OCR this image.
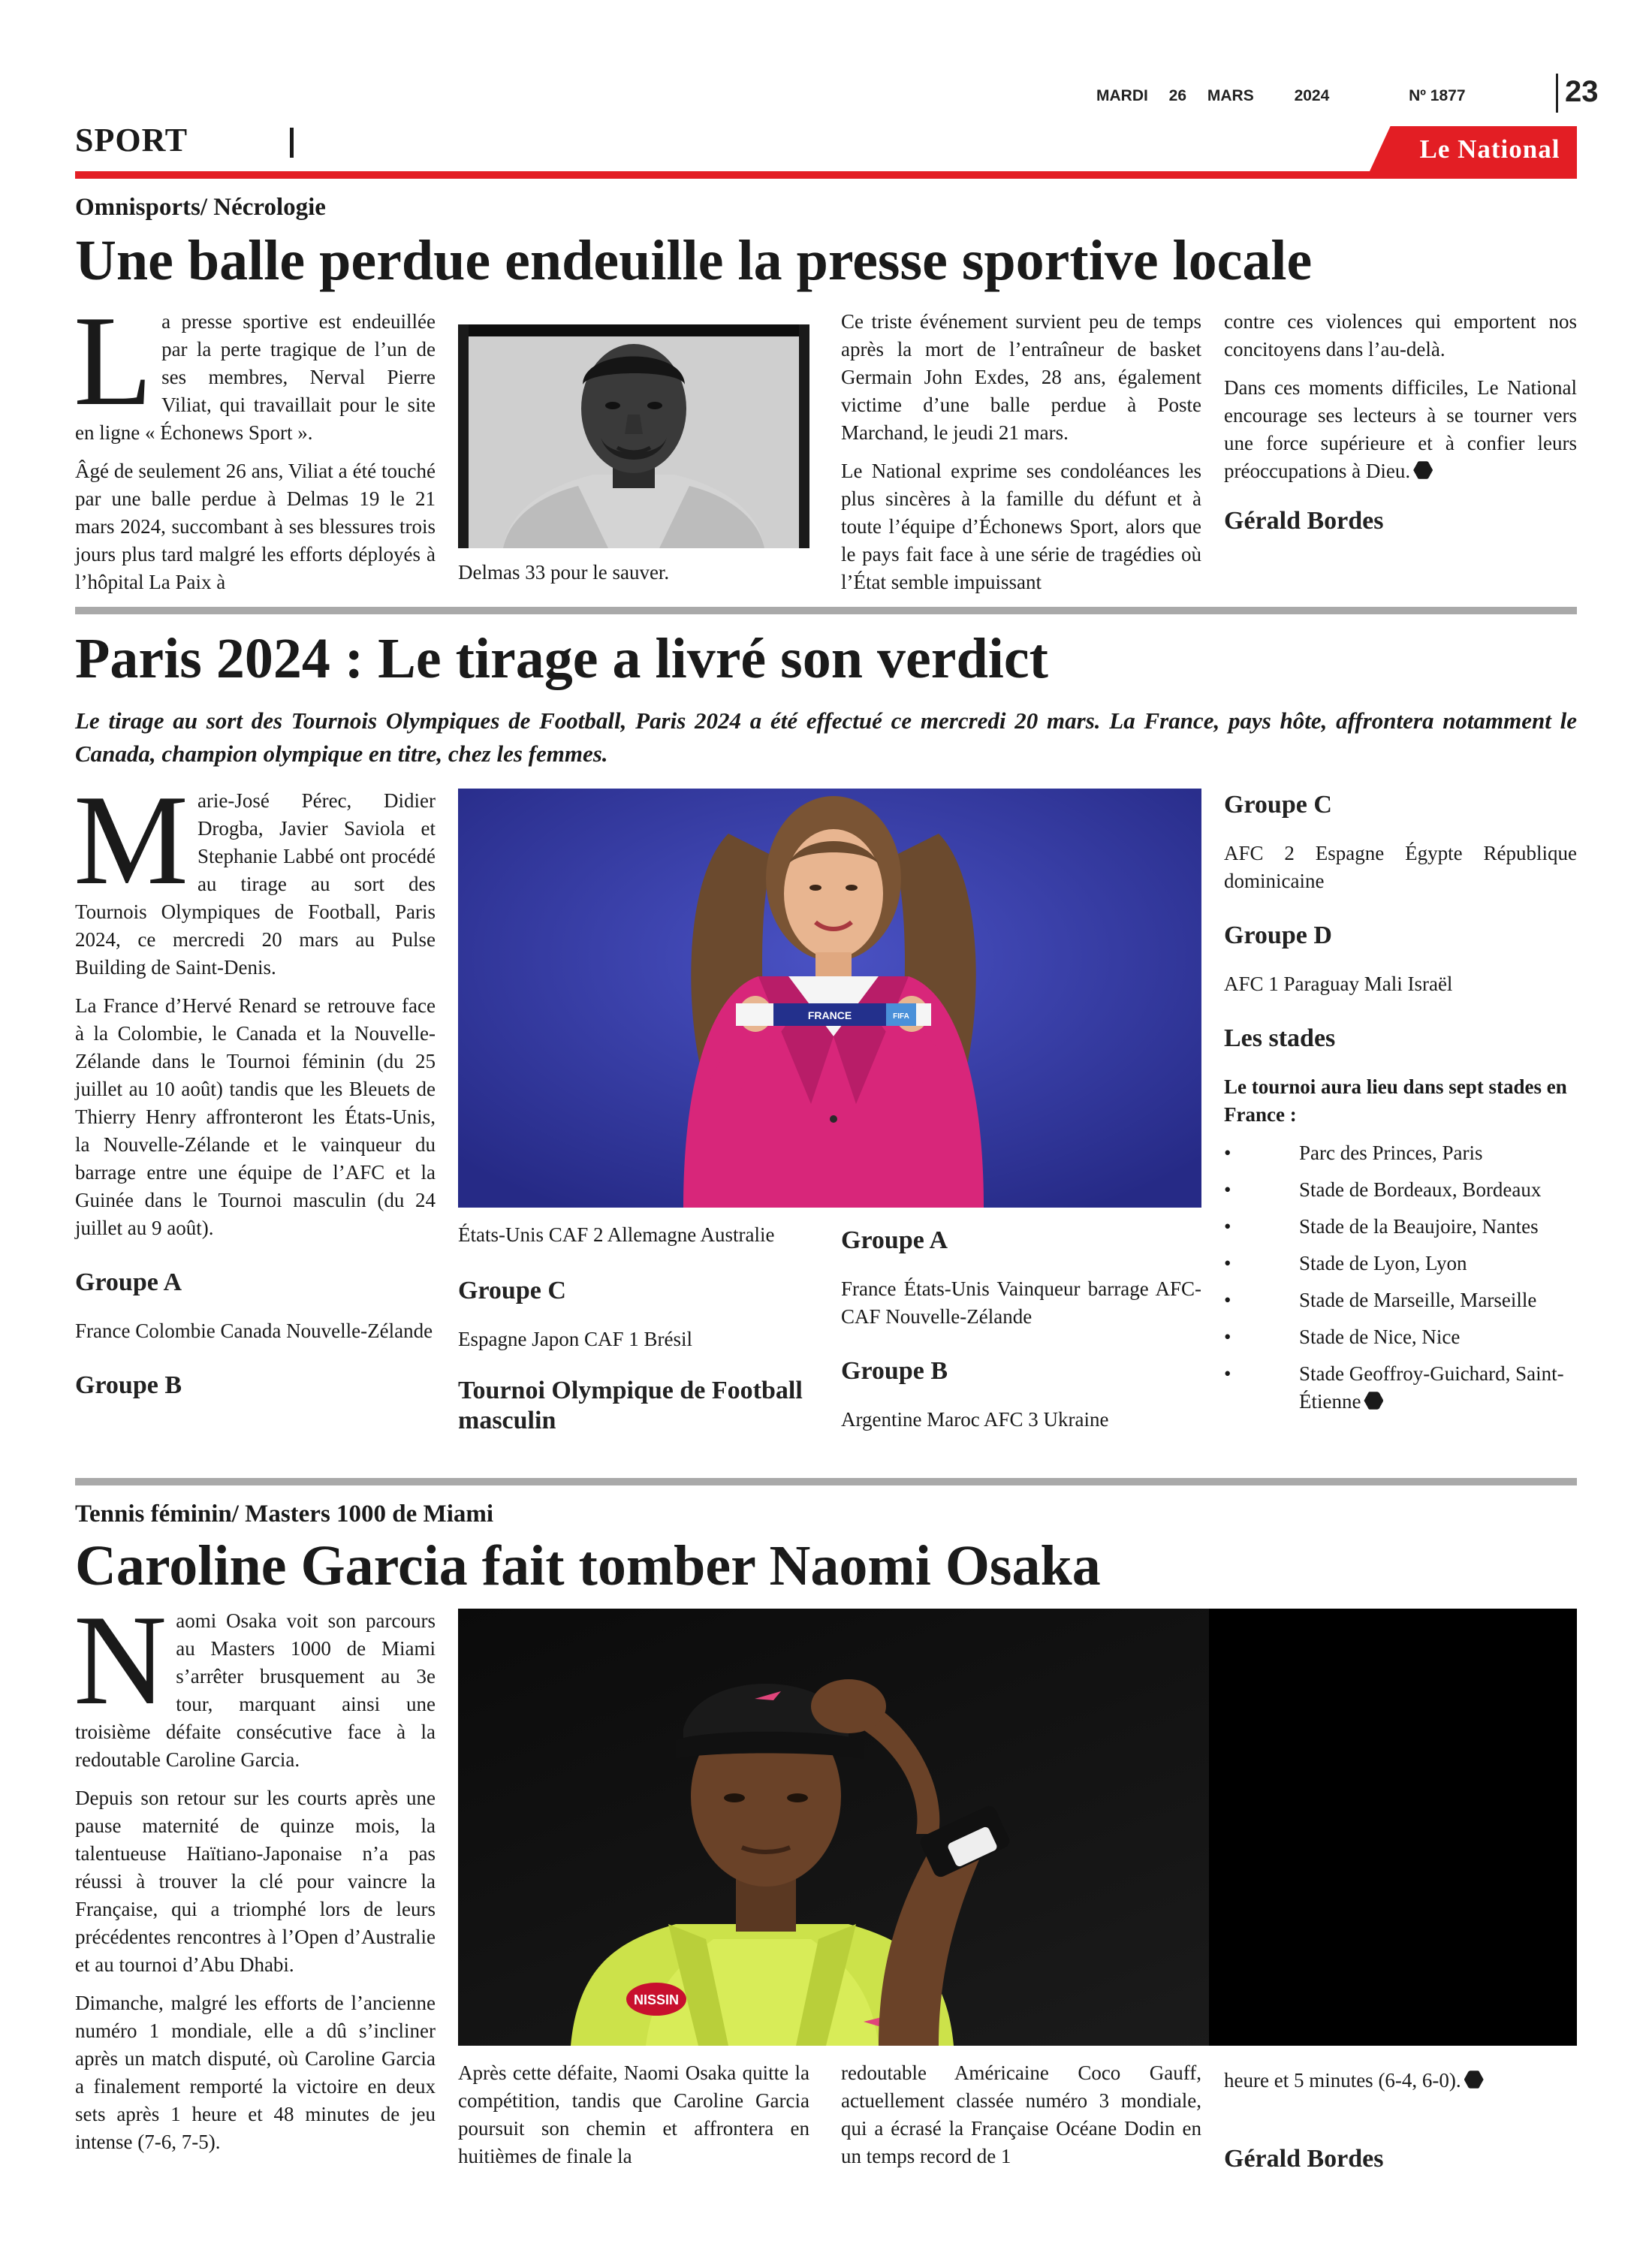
MARDI 26 MARS	2024	Nº 1877	23
SPORT	Le National
Omnisports/ Nécrologie
Une balle perdue endeuille la presse sportive locale

La presse sportive est endeuillée par la perte tragique de l’un de ses membres, Nerval Pierre Viliat, qui travaillait pour le site en ligne « Échonews Sport ».

Âgé de seulement 26 ans, Viliat a été touché par une balle perdue à Delmas 19 le 21 mars 2024, succombant à ses blessures trois jours plus tard malgré les efforts déployés à l’hôpital La Paix à	Delmas 33 pour le sauver.

Ce triste événement survient peu de temps après la mort de l’entraîneur de basket Germain John Exdes, 28 ans, également victime d’une balle perdue à Poste Marchand, le jeudi 21 mars.

Le National exprime ses condoléances les plus sincères à la famille du défunt et à toute l’équipe d’Échonews Sport, alors que le pays fait face à une série de tragédies où l’État semble impuissant

contre ces violences qui emportent nos concitoyens dans l’au-delà.

Dans ces moments difficiles, Le National encourage ses lecteurs à se tourner vers une force supérieure et à confier leurs préoccupations à Dieu.

Gérald Bordes

Paris 2024 : Le tirage a livré son verdict
Le tirage au sort des Tournois Olympiques de Football, Paris 2024 a été effectué ce mercredi 20 mars. La France, pays hôte, affrontera notamment le Canada, champion olympique en titre, chez les femmes.

Marie-José Pérec, Didier Drogba, Javier Saviola et Stephanie Labbé ont procédé au tirage au sort des Tournois Olympiques de Football, Paris 2024, ce mercredi 20 mars au Pulse Building de Saint-Denis.

La France d’Hervé Renard se retrouve face à la Colombie, le Canada et la Nouvelle-Zélande dans le Tournoi féminin (du 25 juillet au 10 août) tandis que les Bleuets de Thierry Henry affronteront les États-Unis, la Nouvelle-Zélande et le vainqueur du barrage entre une équipe de l’AFC et la Guinée dans le Tournoi masculin (du 24 juillet au 9 août).

Groupe A

France Colombie Canada Nouvelle-Zélande

Groupe B

FRANCE	FIFA

États-Unis CAF 2 Allemagne Australie

Groupe C

Espagne Japon CAF 1 Brésil

Tournoi Olympique de Football masculin

Groupe A

France États-Unis Vainqueur barrage AFC-CAF Nouvelle-Zélande

Groupe B

Argentine Maroc AFC 3 Ukraine

Groupe C

AFC 2 Espagne Égypte République dominicaine

Groupe D

AFC 1 Paraguay Mali Israël

Les stades

Le tournoi aura lieu dans sept stades en France :

• Parc des Princes, Paris
• Stade de Bordeaux, Bordeaux
• Stade de la Beaujoire, Nantes
• Stade de Lyon, Lyon
• Stade de Marseille, Marseille
• Stade de Nice, Nice
• Stade Geoffroy-Guichard, Saint-Étienne
Tennis féminin/ Masters 1000 de Miami
Caroline Garcia fait tomber Naomi Osaka

Naomi Osaka voit son parcours au Masters 1000 de Miami s’arrêter brusquement au 3e tour, marquant ainsi une troisième défaite consécutive face à la redoutable Caroline Garcia.

Depuis son retour sur les courts après une pause maternité de quinze mois, la talentueuse Haïtiano-Japonaise n’a pas réussi à trouver la clé pour vaincre la Française, qui a triomphé lors de leurs précédentes rencontres à l’Open d’Australie et au tournoi d’Abu Dhabi.

Dimanche, malgré les efforts de l’ancienne numéro 1 mondiale, elle a dû s’incliner après un match disputé, où Caroline Garcia a finalement remporté la victoire en deux sets après 1 heure et 48 minutes de jeu intense (7-6, 7-5).

NISSIN

Après cette défaite, Naomi Osaka quitte la compétition, tandis que Caroline Garcia poursuit son chemin et affrontera en huitièmes de finale la

redoutable Américaine Coco Gauff, actuellement classée numéro 3 mondiale, qui a écrasé la Française Océane Dodin en un temps record de 1

heure et 5 minutes (6-4, 6-0).

Gérald Bordes
